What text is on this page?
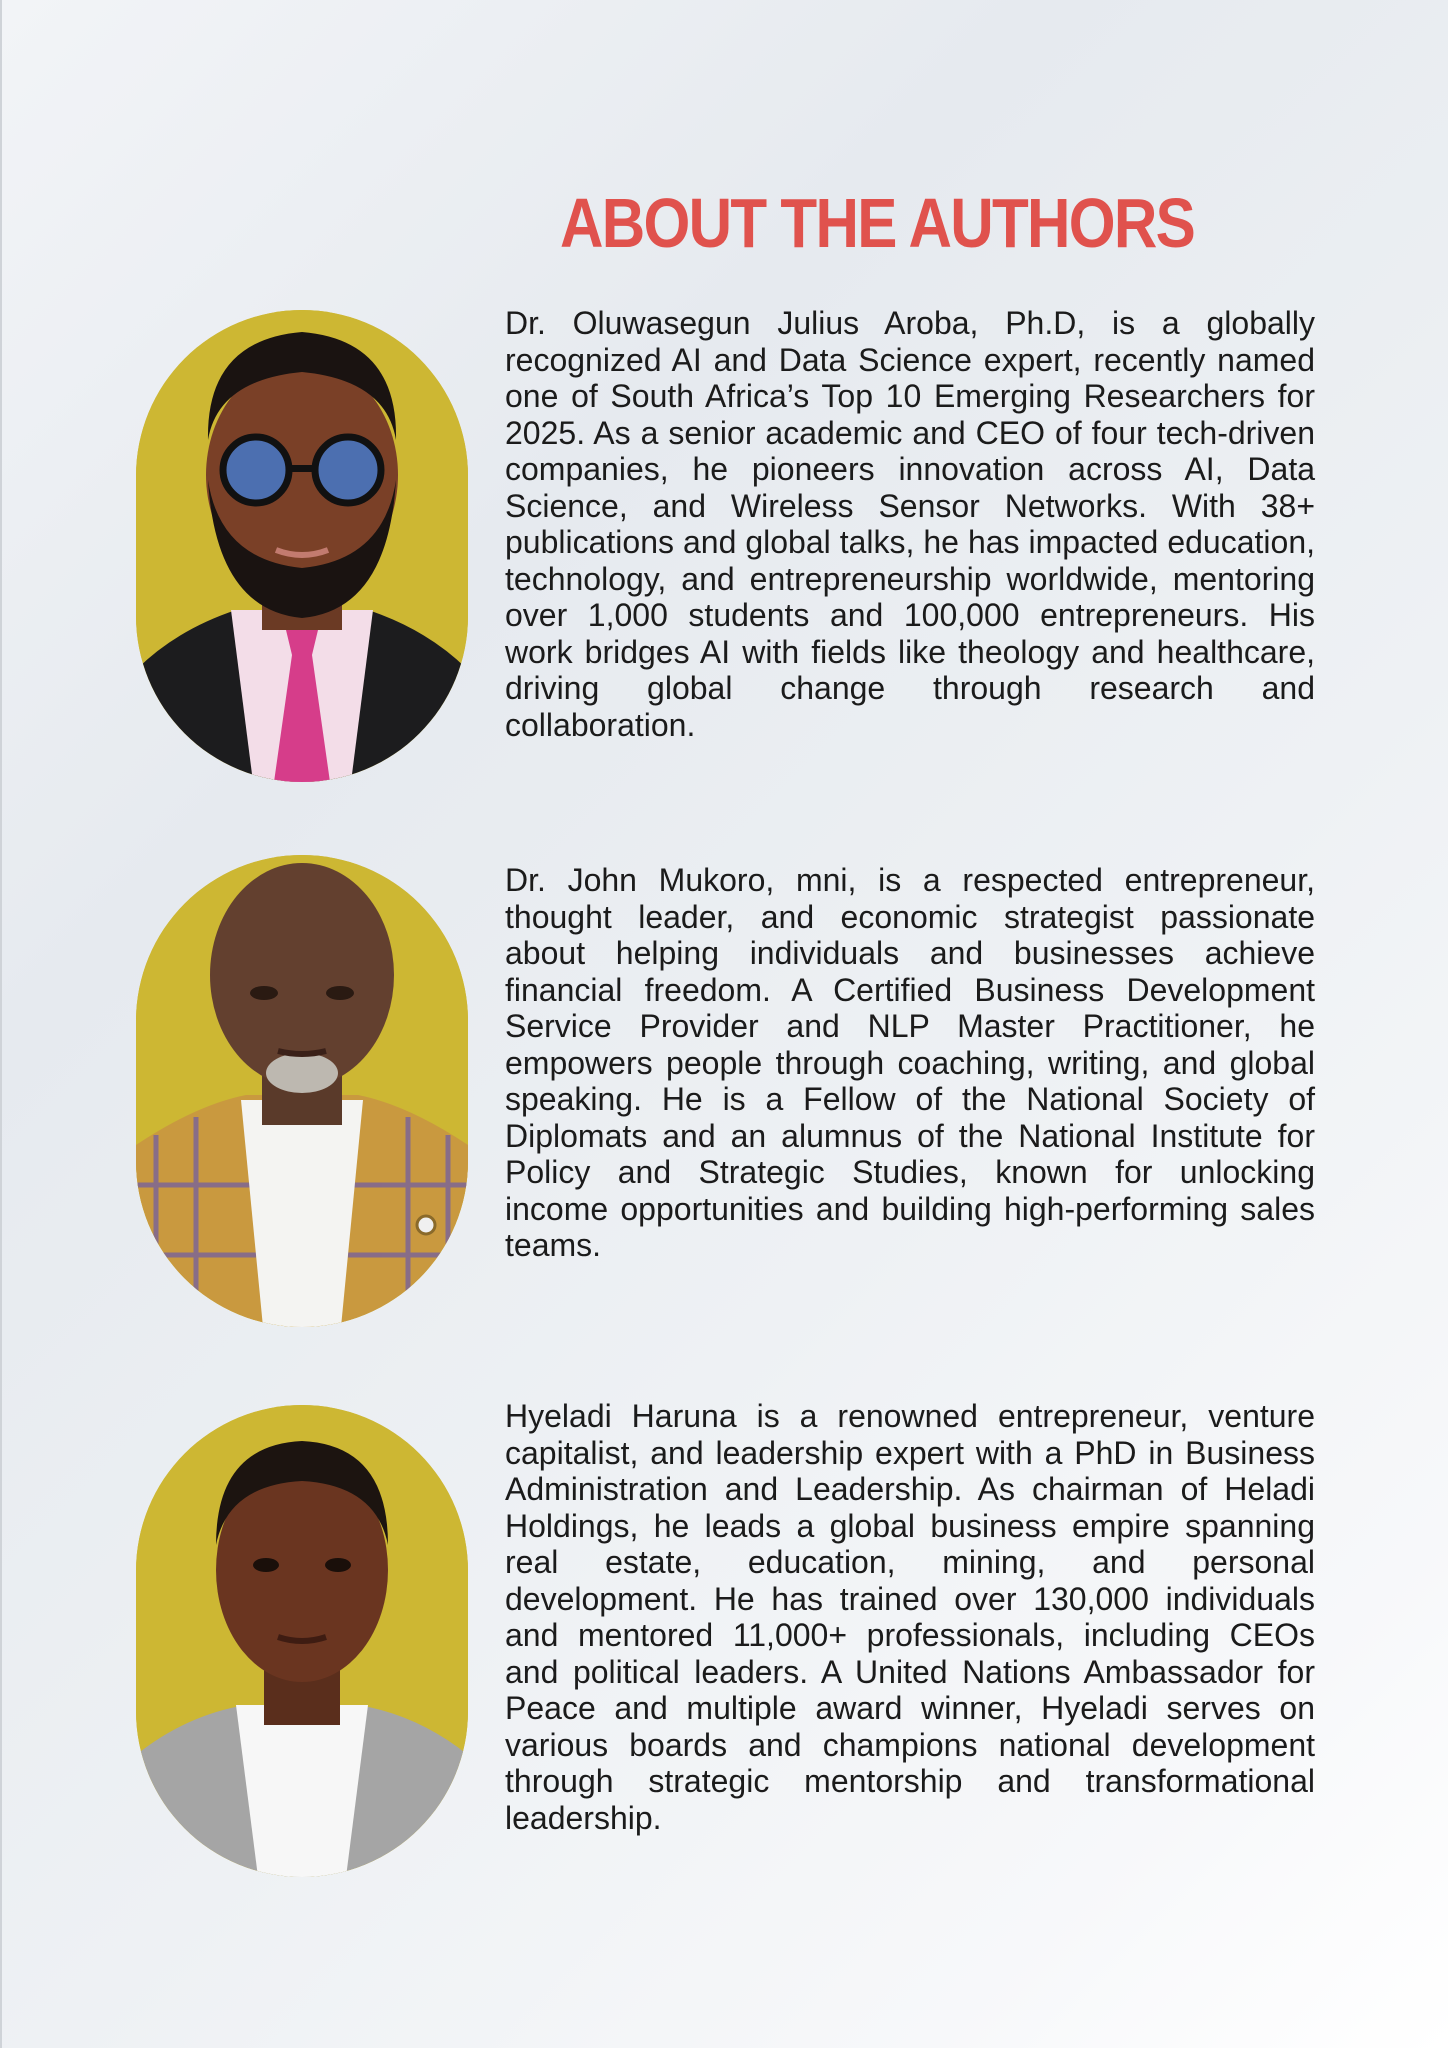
ABOUT THE AUTHORS

Dr. Oluwasegun Julius Aroba, Ph.D, is a globally recognized AI and Data Science expert, recently named one of South Africa’s Top 10 Emerging Researchers for 2025. As a senior academic and CEO of four tech-driven companies, he pioneers innovation across AI, Data Science, and Wireless Sensor Networks. With 38+ publications and global talks, he has impacted education, technology, and entrepreneurship worldwide, mentoring over 1,000 students and 100,000 entrepreneurs. His work bridges AI with fields like theology and healthcare, driving global change through research and collaboration.

Dr. John Mukoro, mni, is a respected entrepreneur, thought leader, and economic strategist passionate about helping individuals and businesses achieve financial freedom. A Certified Business Development Service Provider and NLP Master Practitioner, he empowers people through coaching, writing, and global speaking. He is a Fellow of the National Society of Diplomats and an alumnus of the National Institute for Policy and Strategic Studies, known for unlocking income opportunities and building high-performing sales teams.

Hyeladi Haruna is a renowned entrepreneur, venture capitalist, and leadership expert with a PhD in Business Administration and Leadership. As chairman of Heladi Holdings, he leads a global business empire spanning real estate, education, mining, and personal development. He has trained over 130,000 individuals and mentored 11,000+ professionals, including CEOs and political leaders. A United Nations Ambassador for Peace and multiple award winner, Hyeladi serves on various boards and champions national development through strategic mentorship and transformational leadership.
